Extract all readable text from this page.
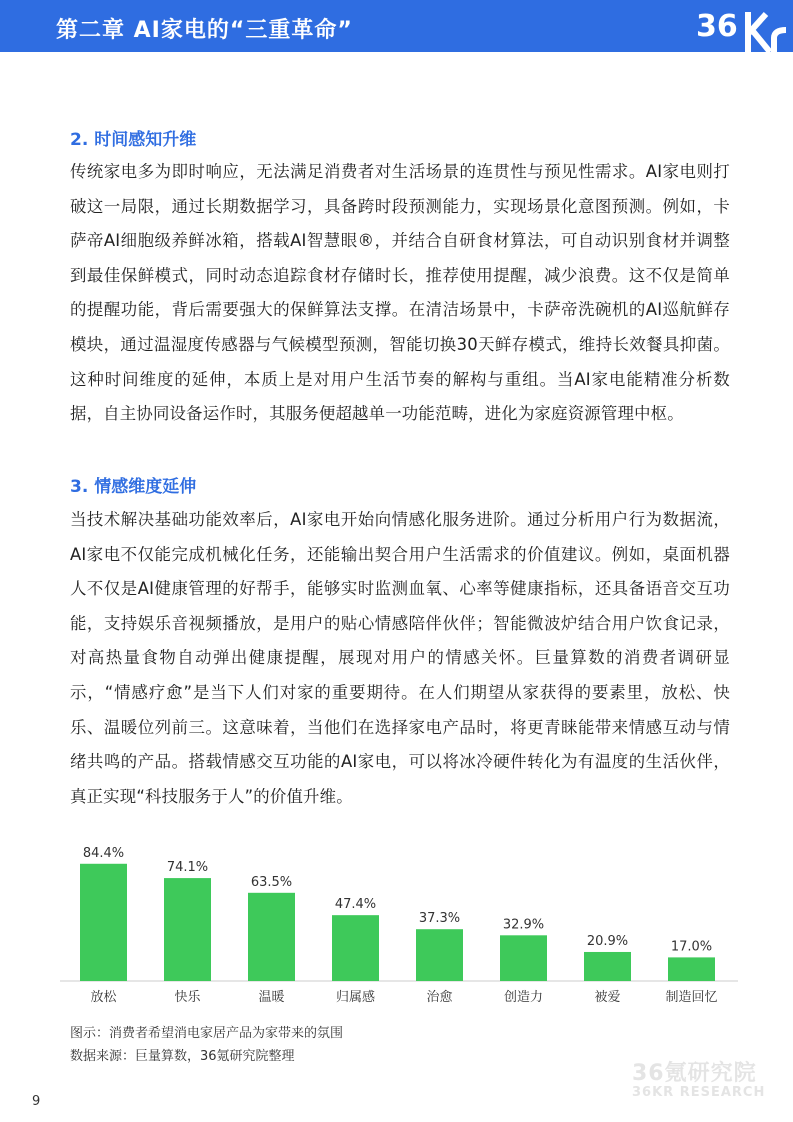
第二章 AI家电的“三重革命”	36
2. 时间感知升维
传统家电多为即时响应，无法满足消费者对生活场景的连贯性与预见性需求。AI家电则打破这一局限，通过长期数据学习，具备跨时段预测能力，实现场景化意图预测。例如，卡萨帝AI细胞级养鲜冰箱，搭载AI智慧眼®，并结合自研食材算法，可自动识别食材并调整到最佳保鲜模式，同时动态追踪食材存储时长，推荐使用提醒，减少浪费。这不仅是简单的提醒功能，背后需要强大的保鲜算法支撑。在清洁场景中，卡萨帝洗碗机的AI巡航鲜存模块，通过温湿度传感器与气候模型预测，智能切换30天鲜存模式，维持长效餐具抑菌。这种时间维度的延伸，本质上是对用户生活节奏的解构与重组。当AI家电能精准分析数据，自主协同设备运作时，其服务便超越单一功能范畴，进化为家庭资源管理中枢。
3. 情感维度延伸
当技术解决基础功能效率后，AI家电开始向情感化服务进阶。通过分析用户行为数据流，AI家电不仅能完成机械化任务，还能输出契合用户生活需求的价值建议。例如，桌面机器人不仅是AI健康管理的好帮手，能够实时监测血氧、心率等健康指标，还具备语音交互功能，支持娱乐音视频播放，是用户的贴心情感陪伴伙伴；智能微波炉结合用户饮食记录，对高热量食物自动弹出健康提醒，展现对用户的情感关怀。巨量算数的消费者调研显示，“情感疗愈”是当下人们对家的重要期待。在人们期望从家获得的要素里，放松、快乐、温暖位列前三。这意味着，当他们在选择家电产品时，将更青睐能带来情感互动与情绪共鸣的产品。搭载情感交互功能的AI家电，可以将冰冷硬件转化为有温度的生活伙伴，真正实现“科技服务于人”的价值升维。
84.4%
放松
74.1%
快乐
63.5%
温暖
47.4%
归属感
37.3%
治愈
32.9%
创造力
20.9%
被爱
17.0%
制造回忆
图示：消费者希望消电家居产品为家带来的氛围
数据来源：巨量算数，36氪研究院整理
36氪研究院
36KR RESEARCH
9
